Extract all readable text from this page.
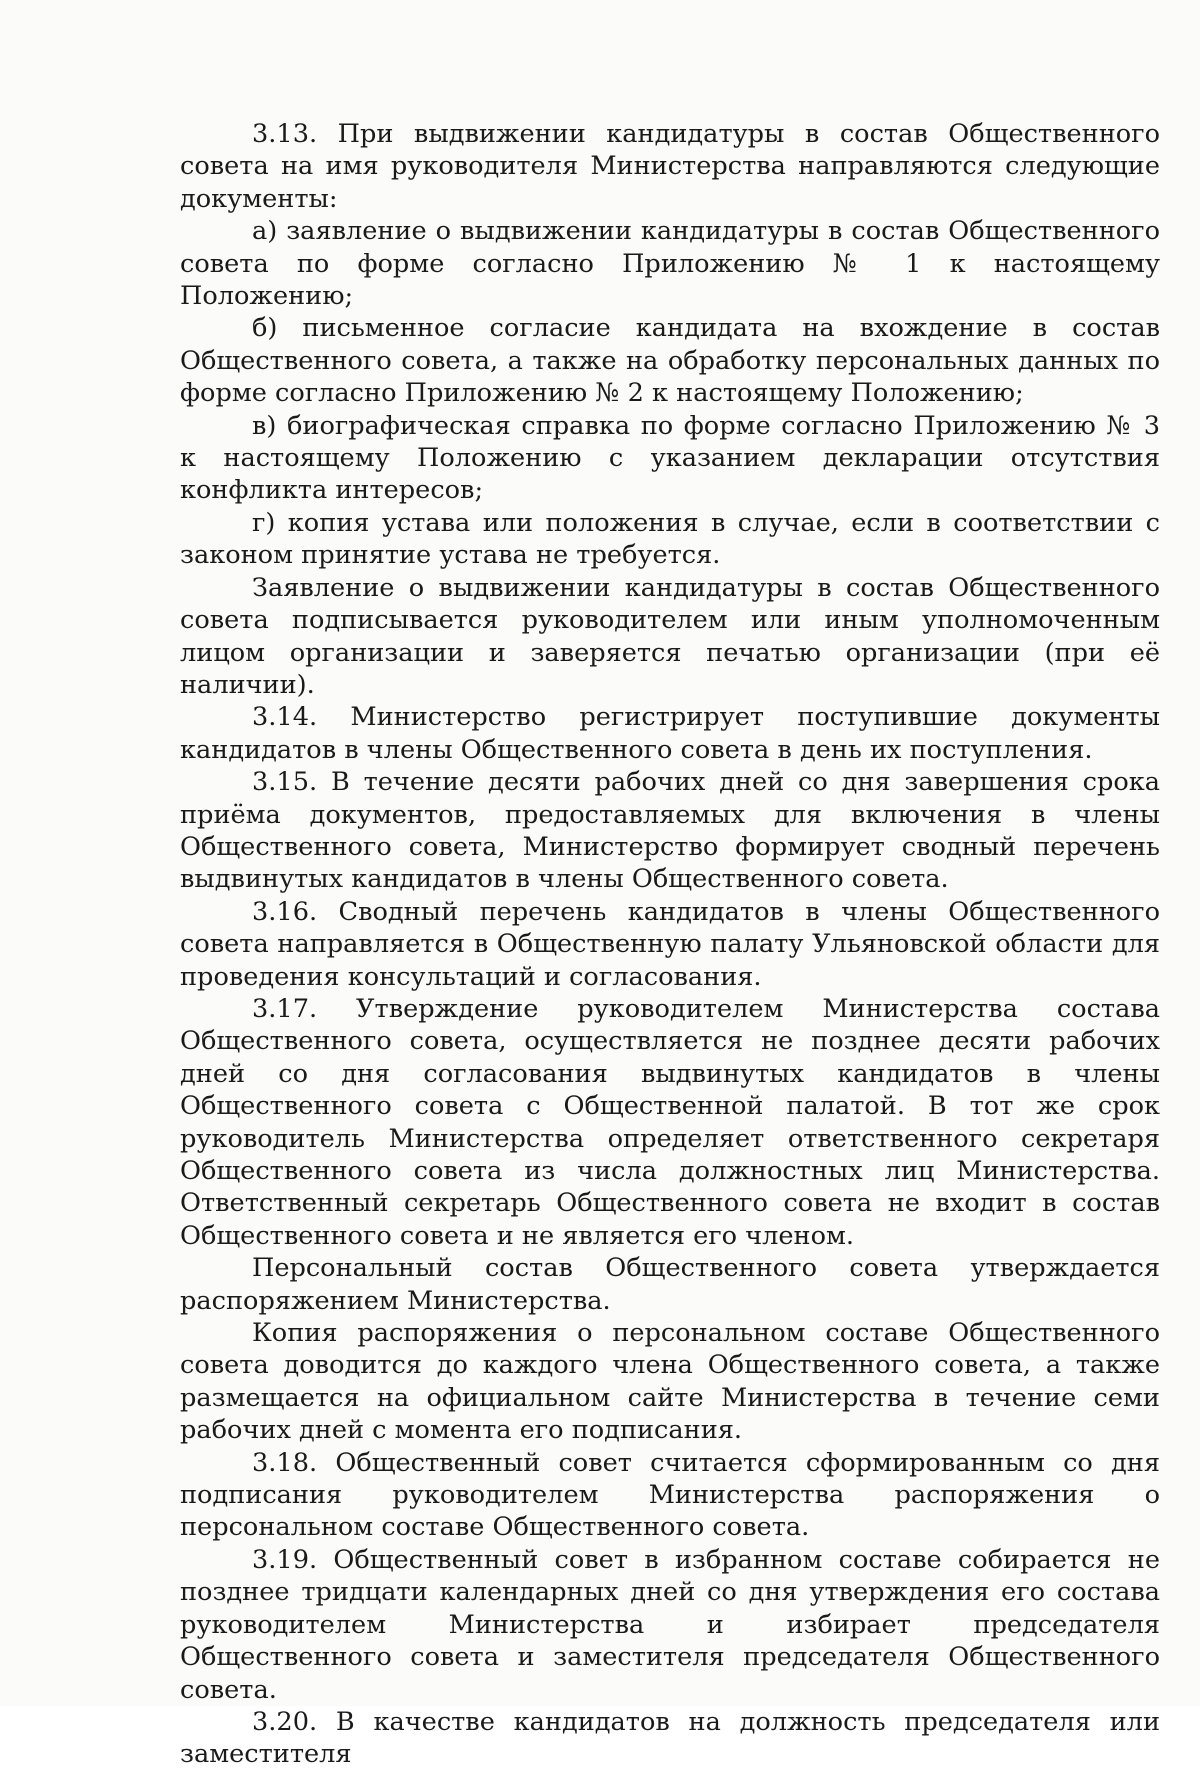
3.13. При выдвижении кандидатуры в состав Общественного совета на имя руководителя Министерства направляются следующие документы:

а) заявление о выдвижении кандидатуры в состав Общественного совета по форме согласно Приложению № 1 к настоящему Положению;

б) письменное согласие кандидата на вхождение в состав Общественного совета, а также на обработку персональных данных по форме согласно Приложению № 2 к настоящему Положению;

в) биографическая справка по форме согласно Приложению № 3 к настоящему Положению с указанием декларации отсутствия конфликта интересов;

г) копия устава или положения в случае, если в соответствии с законом принятие устава не требуется.

Заявление о выдвижении кандидатуры в состав Общественного совета подписывается руководителем или иным уполномоченным лицом организации и заверяется печатью организации (при её наличии).

3.14. Министерство регистрирует поступившие документы кандидатов в члены Общественного совета в день их поступления.

3.15. В течение десяти рабочих дней со дня завершения срока приёма документов, предоставляемых для включения в члены Общественного совета, Министерство формирует сводный перечень выдвинутых кандидатов в члены Общественного совета.

3.16. Сводный перечень кандидатов в члены Общественного совета направляется в Общественную палату Ульяновской области для проведения консультаций и согласования.

3.17. Утверждение руководителем Министерства состава Общественного совета, осуществляется не позднее десяти рабочих дней со дня согласования выдвинутых кандидатов в члены Общественного совета с Общественной палатой. В тот же срок руководитель Министерства определяет ответственного секретаря Общественного совета из числа должностных лиц Министерства. Ответственный секретарь Общественного совета не входит в состав Общественного совета и не является его членом.

Персональный состав Общественного совета утверждается распоряжением Министерства.

Копия распоряжения о персональном составе Общественного совета доводится до каждого члена Общественного совета, а также размещается на официальном сайте Министерства в течение семи рабочих дней с момента его подписания.

3.18. Общественный совет считается сформированным со дня подписания руководителем Министерства распоряжения о персональном составе Общественного совета.

3.19. Общественный совет в избранном составе собирается не позднее тридцати календарных дней со дня утверждения его состава руководителем Министерства и избирает председателя Общественного совета и заместителя председателя Общественного совета.

3.20. В качестве кандидатов на должность председателя или заместителя
